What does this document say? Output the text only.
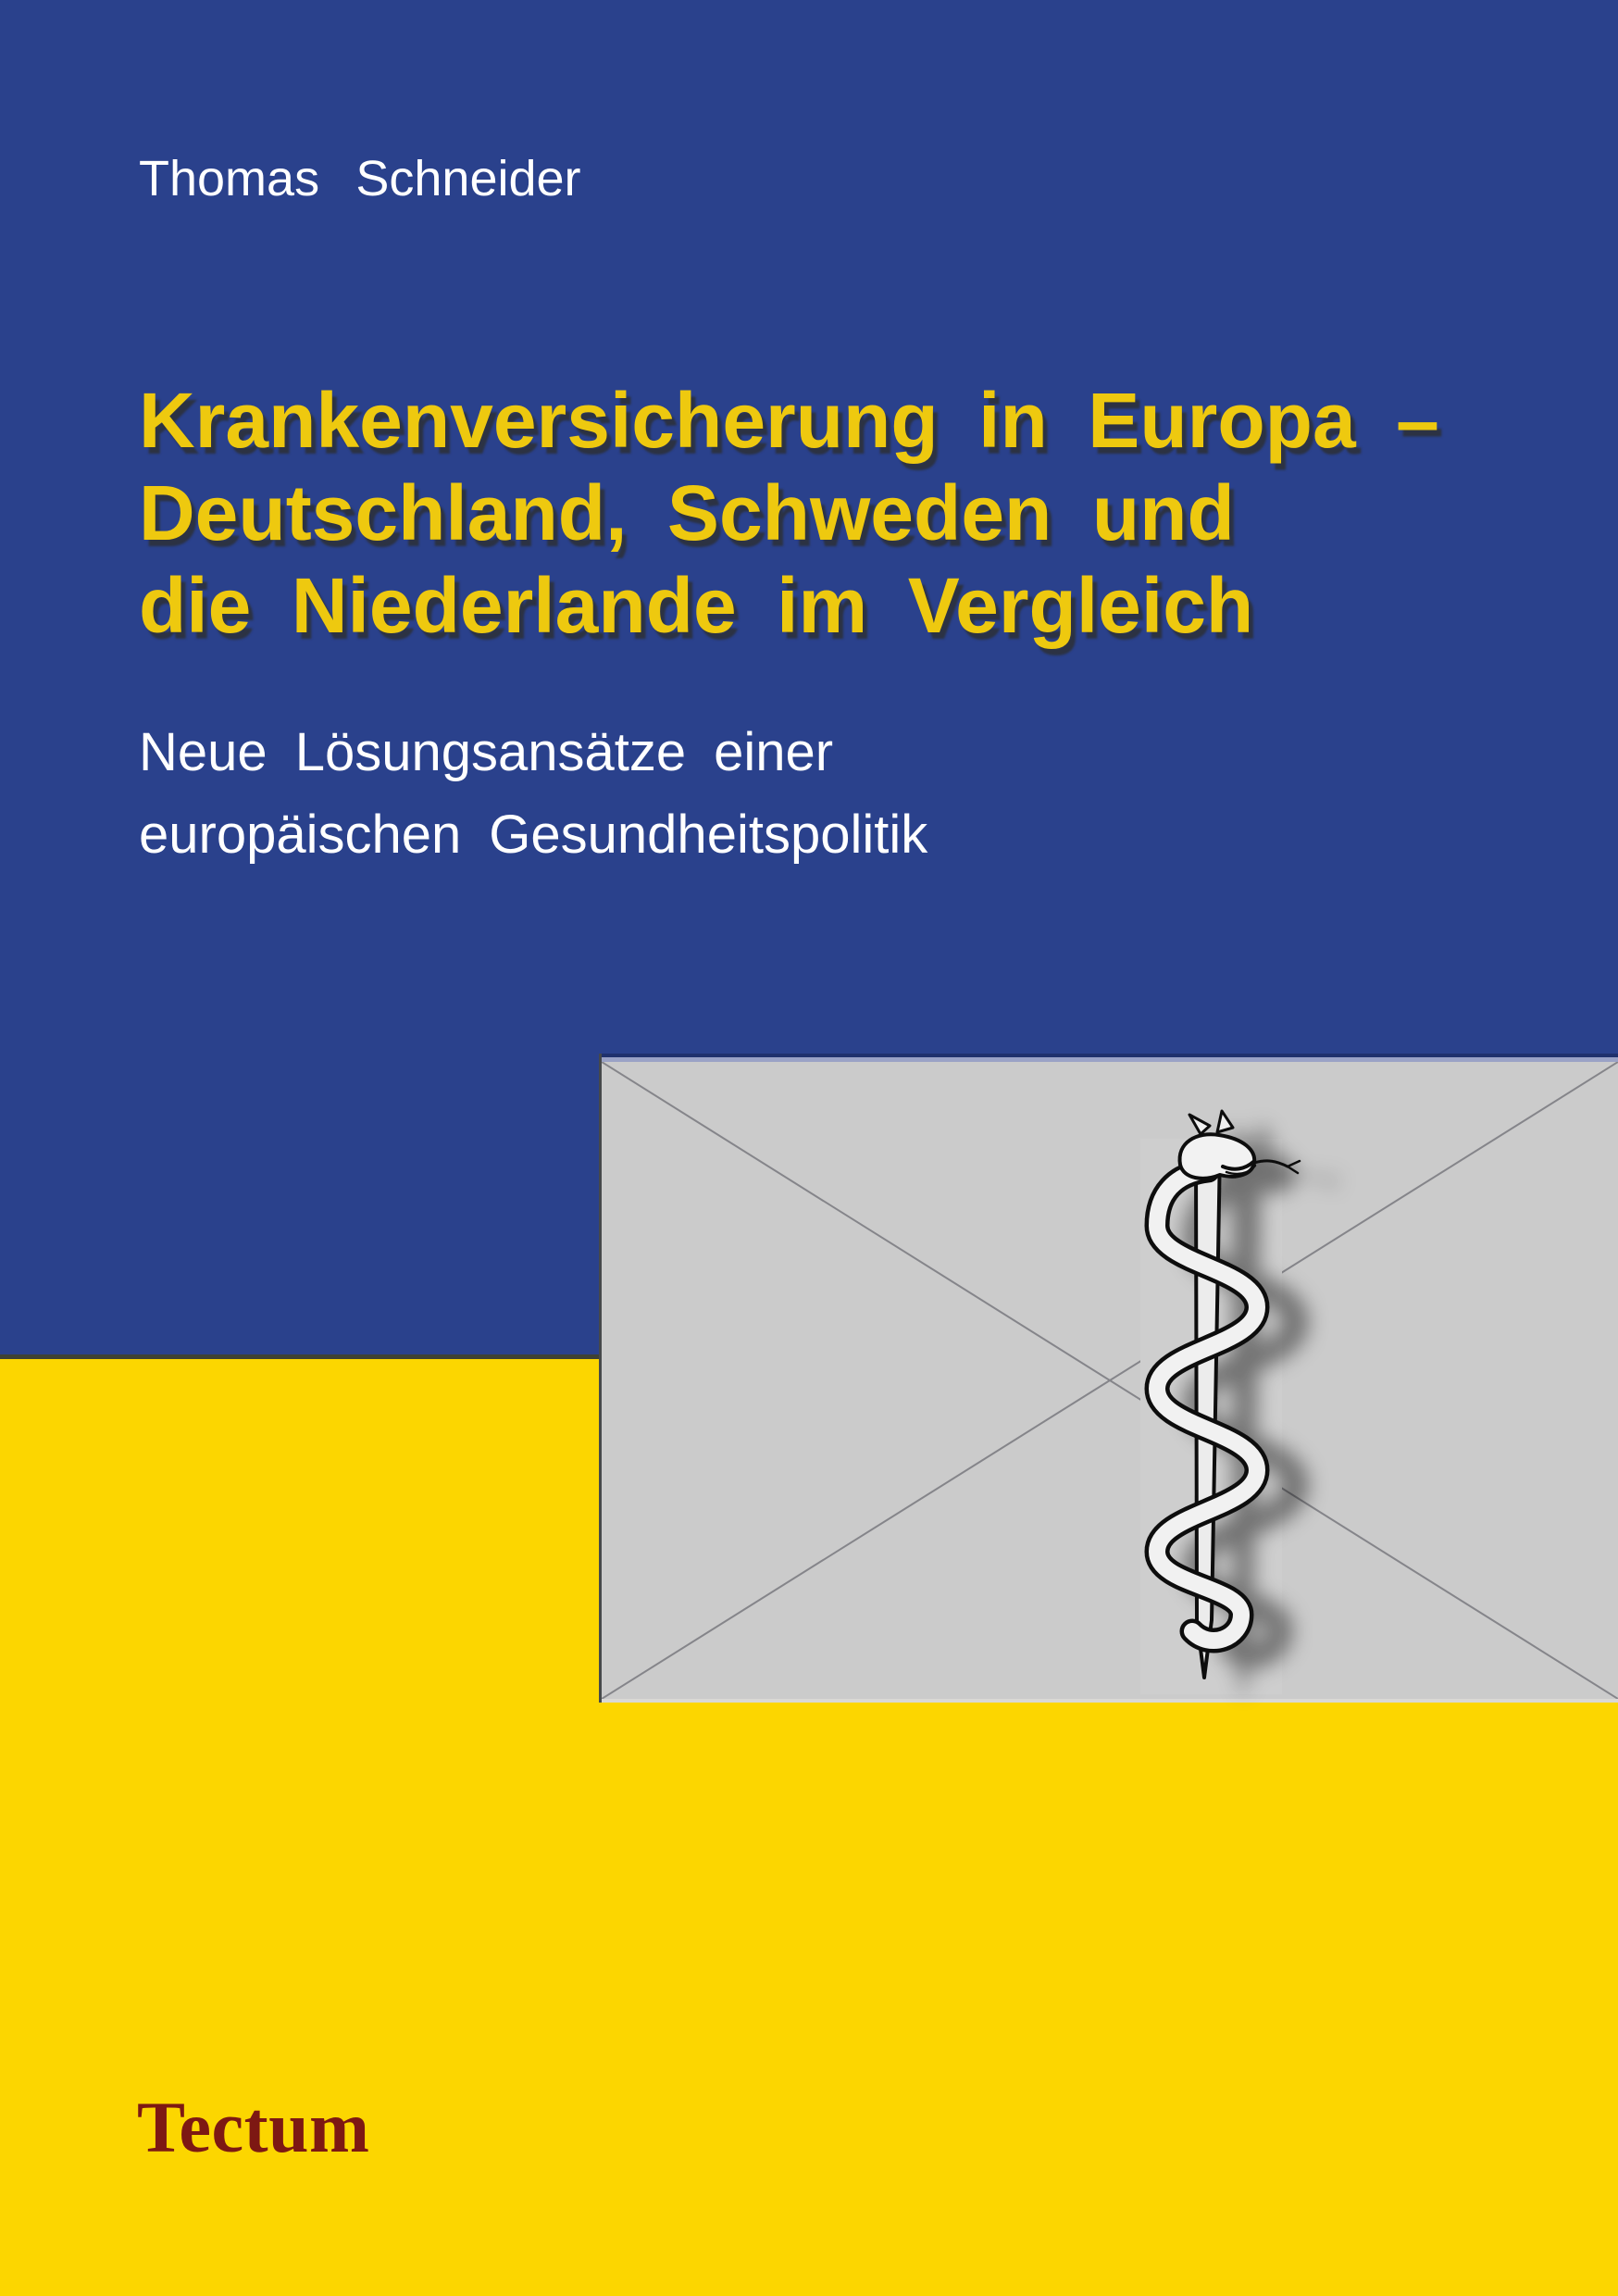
Thomas Schneider
Krankenversicherung in Europa –
Deutschland, Schweden und
die Niederlande im Vergleich
Neue Lösungsansätze einer
europäischen Gesundheitspolitik
Tectum
